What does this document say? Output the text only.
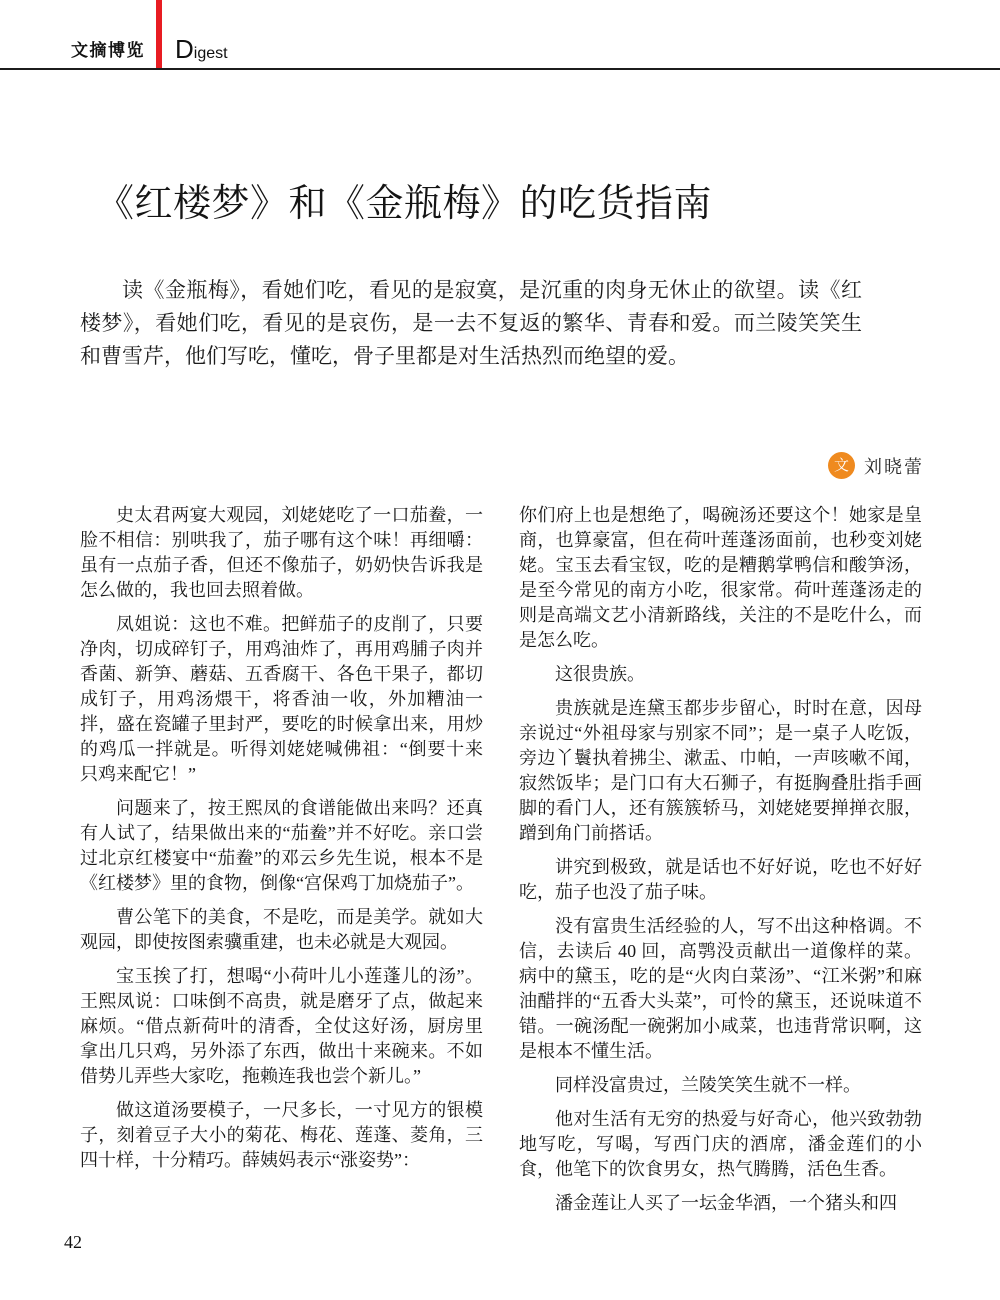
文摘博览 Digest
《红楼梦》和《金瓶梅》的吃货指南

读《金瓶梅》，看她们吃，看见的是寂寞，是沉重的肉身无休止的欲望。读《红楼梦》，看她们吃，看见的是哀伤，是一去不复返的繁华、青春和爱。而兰陵笑笑生和曹雪芹，他们写吃，懂吃，骨子里都是对生活热烈而绝望的爱。

文 刘晓蕾

史太君两宴大观园，刘姥姥吃了一口茄鲞，一脸不相信：别哄我了，茄子哪有这个味！再细嚼：虽有一点茄子香，但还不像茄子，奶奶快告诉我是怎么做的，我也回去照着做。

凤姐说：这也不难。把鲜茄子的皮削了，只要净肉，切成碎钉子，用鸡油炸了，再用鸡脯子肉并香菌、新笋、蘑菇、五香腐干、各色干果子，都切成钉子，用鸡汤煨干，将香油一收，外加糟油一拌，盛在瓷罐子里封严，要吃的时候拿出来，用炒的鸡瓜一拌就是。听得刘姥姥喊佛祖：“倒要十来只鸡来配它！”

问题来了，按王熙凤的食谱能做出来吗？还真有人试了，结果做出来的“茄鲞”并不好吃。亲口尝过北京红楼宴中“茄鲞”的邓云乡先生说，根本不是《红楼梦》里的食物，倒像“宫保鸡丁加烧茄子”。

曹公笔下的美食，不是吃，而是美学。就如大观园，即使按图索骥重建，也未必就是大观园。

宝玉挨了打，想喝“小荷叶儿小莲蓬儿的汤”。王熙凤说：口味倒不高贵，就是磨牙了点，做起来麻烦。“借点新荷叶的清香，全仗这好汤，厨房里拿出几只鸡，另外添了东西，做出十来碗来。不如借势儿弄些大家吃，拖赖连我也尝个新儿。”

做这道汤要模子，一尺多长，一寸见方的银模子，刻着豆子大小的菊花、梅花、莲蓬、菱角，三四十样，十分精巧。薛姨妈表示“涨姿势”：

你们府上也是想绝了，喝碗汤还要这个！她家是皇商，也算豪富，但在荷叶莲蓬汤面前，也秒变刘姥姥。宝玉去看宝钗，吃的是糟鹅掌鸭信和酸笋汤，是至今常见的南方小吃，很家常。荷叶莲蓬汤走的则是高端文艺小清新路线，关注的不是吃什么，而是怎么吃。

这很贵族。

贵族就是连黛玉都步步留心，时时在意，因母亲说过“外祖母家与别家不同”；是一桌子人吃饭，旁边丫鬟执着拂尘、漱盂、巾帕，一声咳嗽不闻，寂然饭毕；是门口有大石狮子，有挺胸叠肚指手画脚的看门人，还有簇簇轿马，刘姥姥要掸掸衣服，蹭到角门前搭话。

讲究到极致，就是话也不好好说，吃也不好好吃，茄子也没了茄子味。

没有富贵生活经验的人，写不出这种格调。不信，去读后 40 回，高鹗没贡献出一道像样的菜。病中的黛玉，吃的是“火肉白菜汤”、“江米粥”和麻油醋拌的“五香大头菜”，可怜的黛玉，还说味道不错。一碗汤配一碗粥加小咸菜，也违背常识啊，这是根本不懂生活。

同样没富贵过，兰陵笑笑生就不一样。

他对生活有无穷的热爱与好奇心，他兴致勃勃地写吃，写喝，写西门庆的酒席，潘金莲们的小食，他笔下的饮食男女，热气腾腾，活色生香。

潘金莲让人买了一坛金华酒，一个猪头和四

42
